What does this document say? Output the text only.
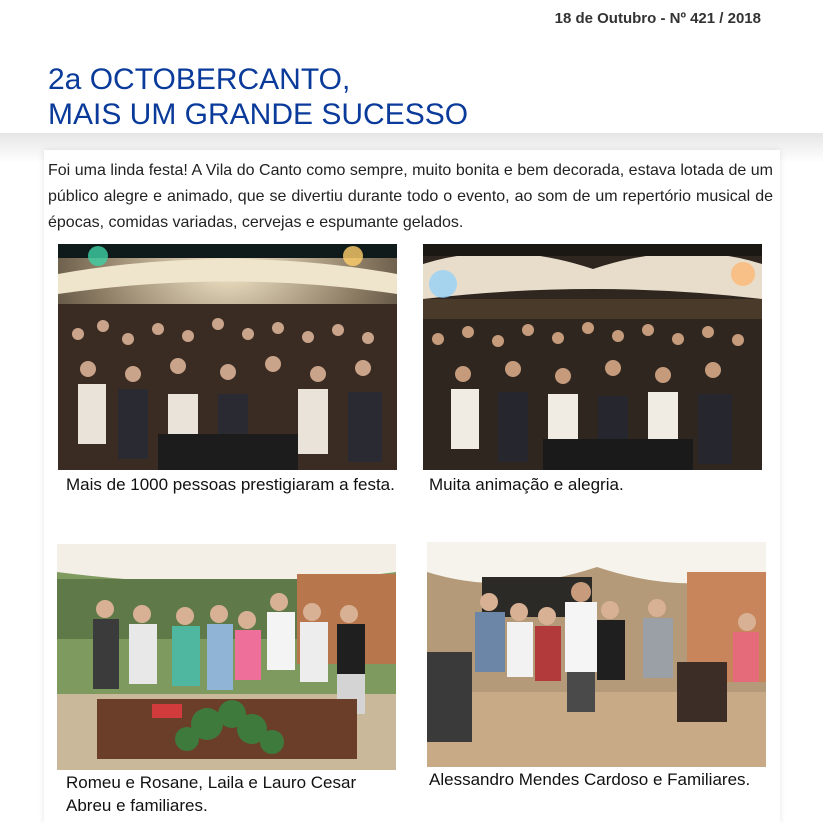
18 de Outubro - Nº 421 / 2018
2a OCTOBERCANTO,
MAIS UM GRANDE SUCESSO

Foi uma linda festa! A Vila do Canto como sempre, muito bonita e bem decorada, estava lotada de um público alegre e animado, que se divertiu durante todo o evento, ao som de um repertório musical de épocas, comidas variadas, cervejas e espumante gelados.

Mais de 1000 pessoas prestigiaram a festa. Muita animação e alegria.

Romeu e Rosane, Laila e Lauro Cesar Abreu e familiares.

Alessandro Mendes Cardoso e Familiares.
